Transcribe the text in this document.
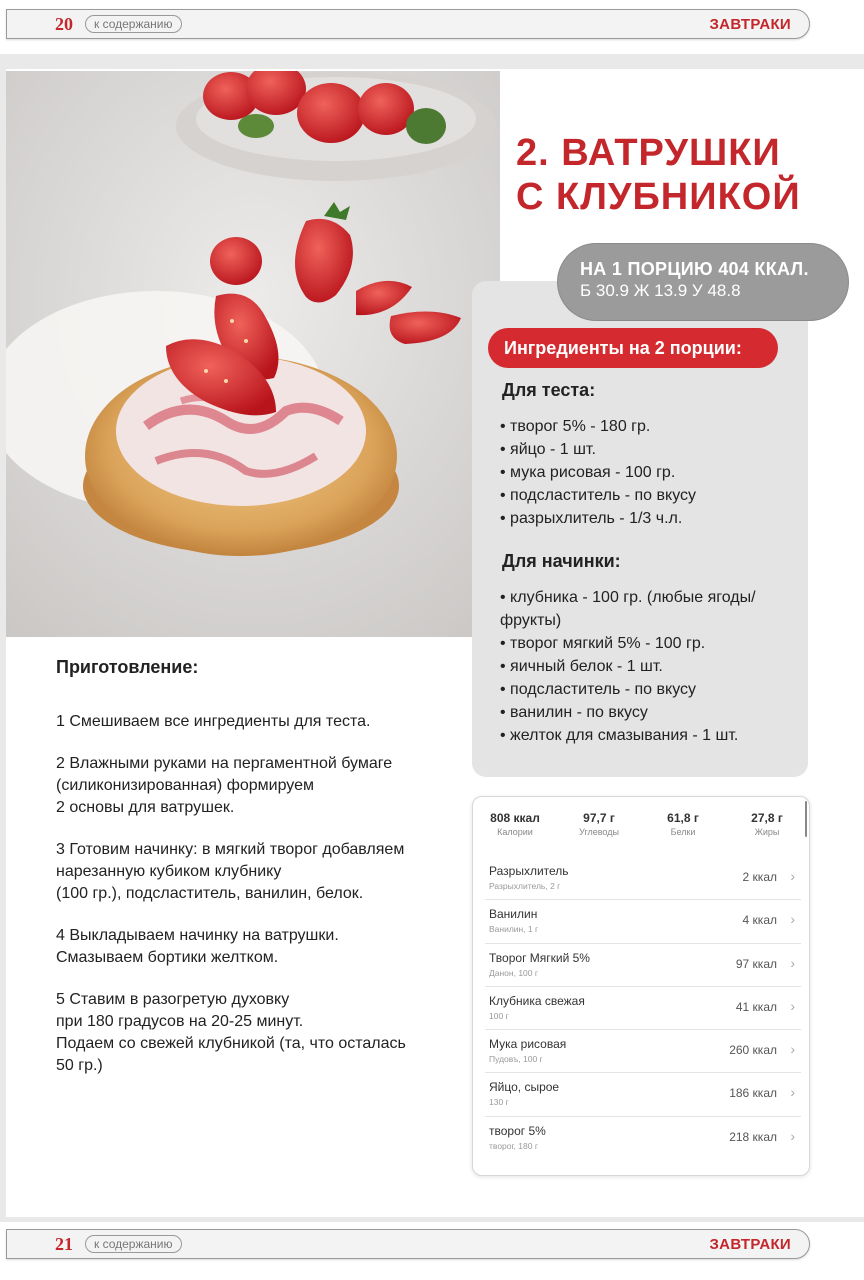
20	к содержанию	ЗАВТРАКИ
2. ВАТРУШКИ
С КЛУБНИКОЙ
НА 1 ПОРЦИЮ 404 ККАЛ.
Б 30.9 Ж 13.9 У 48.8
Ингредиенты на 2 порции:
Для теста:
• творог 5% - 180 гр.
• яйцо - 1 шт.
• мука рисовая - 100 гр.
• подсластитель - по вкусу
• разрыхлитель - 1/3 ч.л.
Для начинки:
• клубника - 100 гр. (любые ягоды/ фрукты)
• творог мягкий 5% - 100 гр.
• яичный белок - 1 шт.
• подсластитель - по вкусу
• ванилин - по вкусу
• желток для смазывания - 1 шт.
Приготовление:
1 Смешиваем все ингредиенты для теста.
2 Влажными руками на пергаментной бумаге
(силиконизированная) формируем
2 основы для ватрушек.
3 Готовим начинку: в мягкий творог добавляем
нарезанную кубиком клубнику
(100 гр.), подсластитель, ванилин, белок.
4 Выкладываем начинку на ватрушки.
Смазываем бортики желтком.
5 Ставим в разогретую духовку
при 180 градусов на 20-25 минут.
Подаем со свежей клубникой (та, что осталась
50 гр.)
808 ккал
Калории
97,7 г
Углеводы
61,8 г
Белки
27,8 г
Жиры
Разрыхлитель
Разрыхлитель, 2 г
2 ккал ›
Ванилин
Ванилин, 1 г
4 ккал ›
Творог Мягкий 5%
Данон, 100 г
97 ккал ›
Клубника свежая
100 г
41 ккал ›
Мука рисовая
Пудовъ, 100 г
260 ккал ›
Яйцо, сырое
130 г
186 ккал ›
творог 5%
творог, 180 г
218 ккал ›
21	к содержанию	ЗАВТРАКИ
